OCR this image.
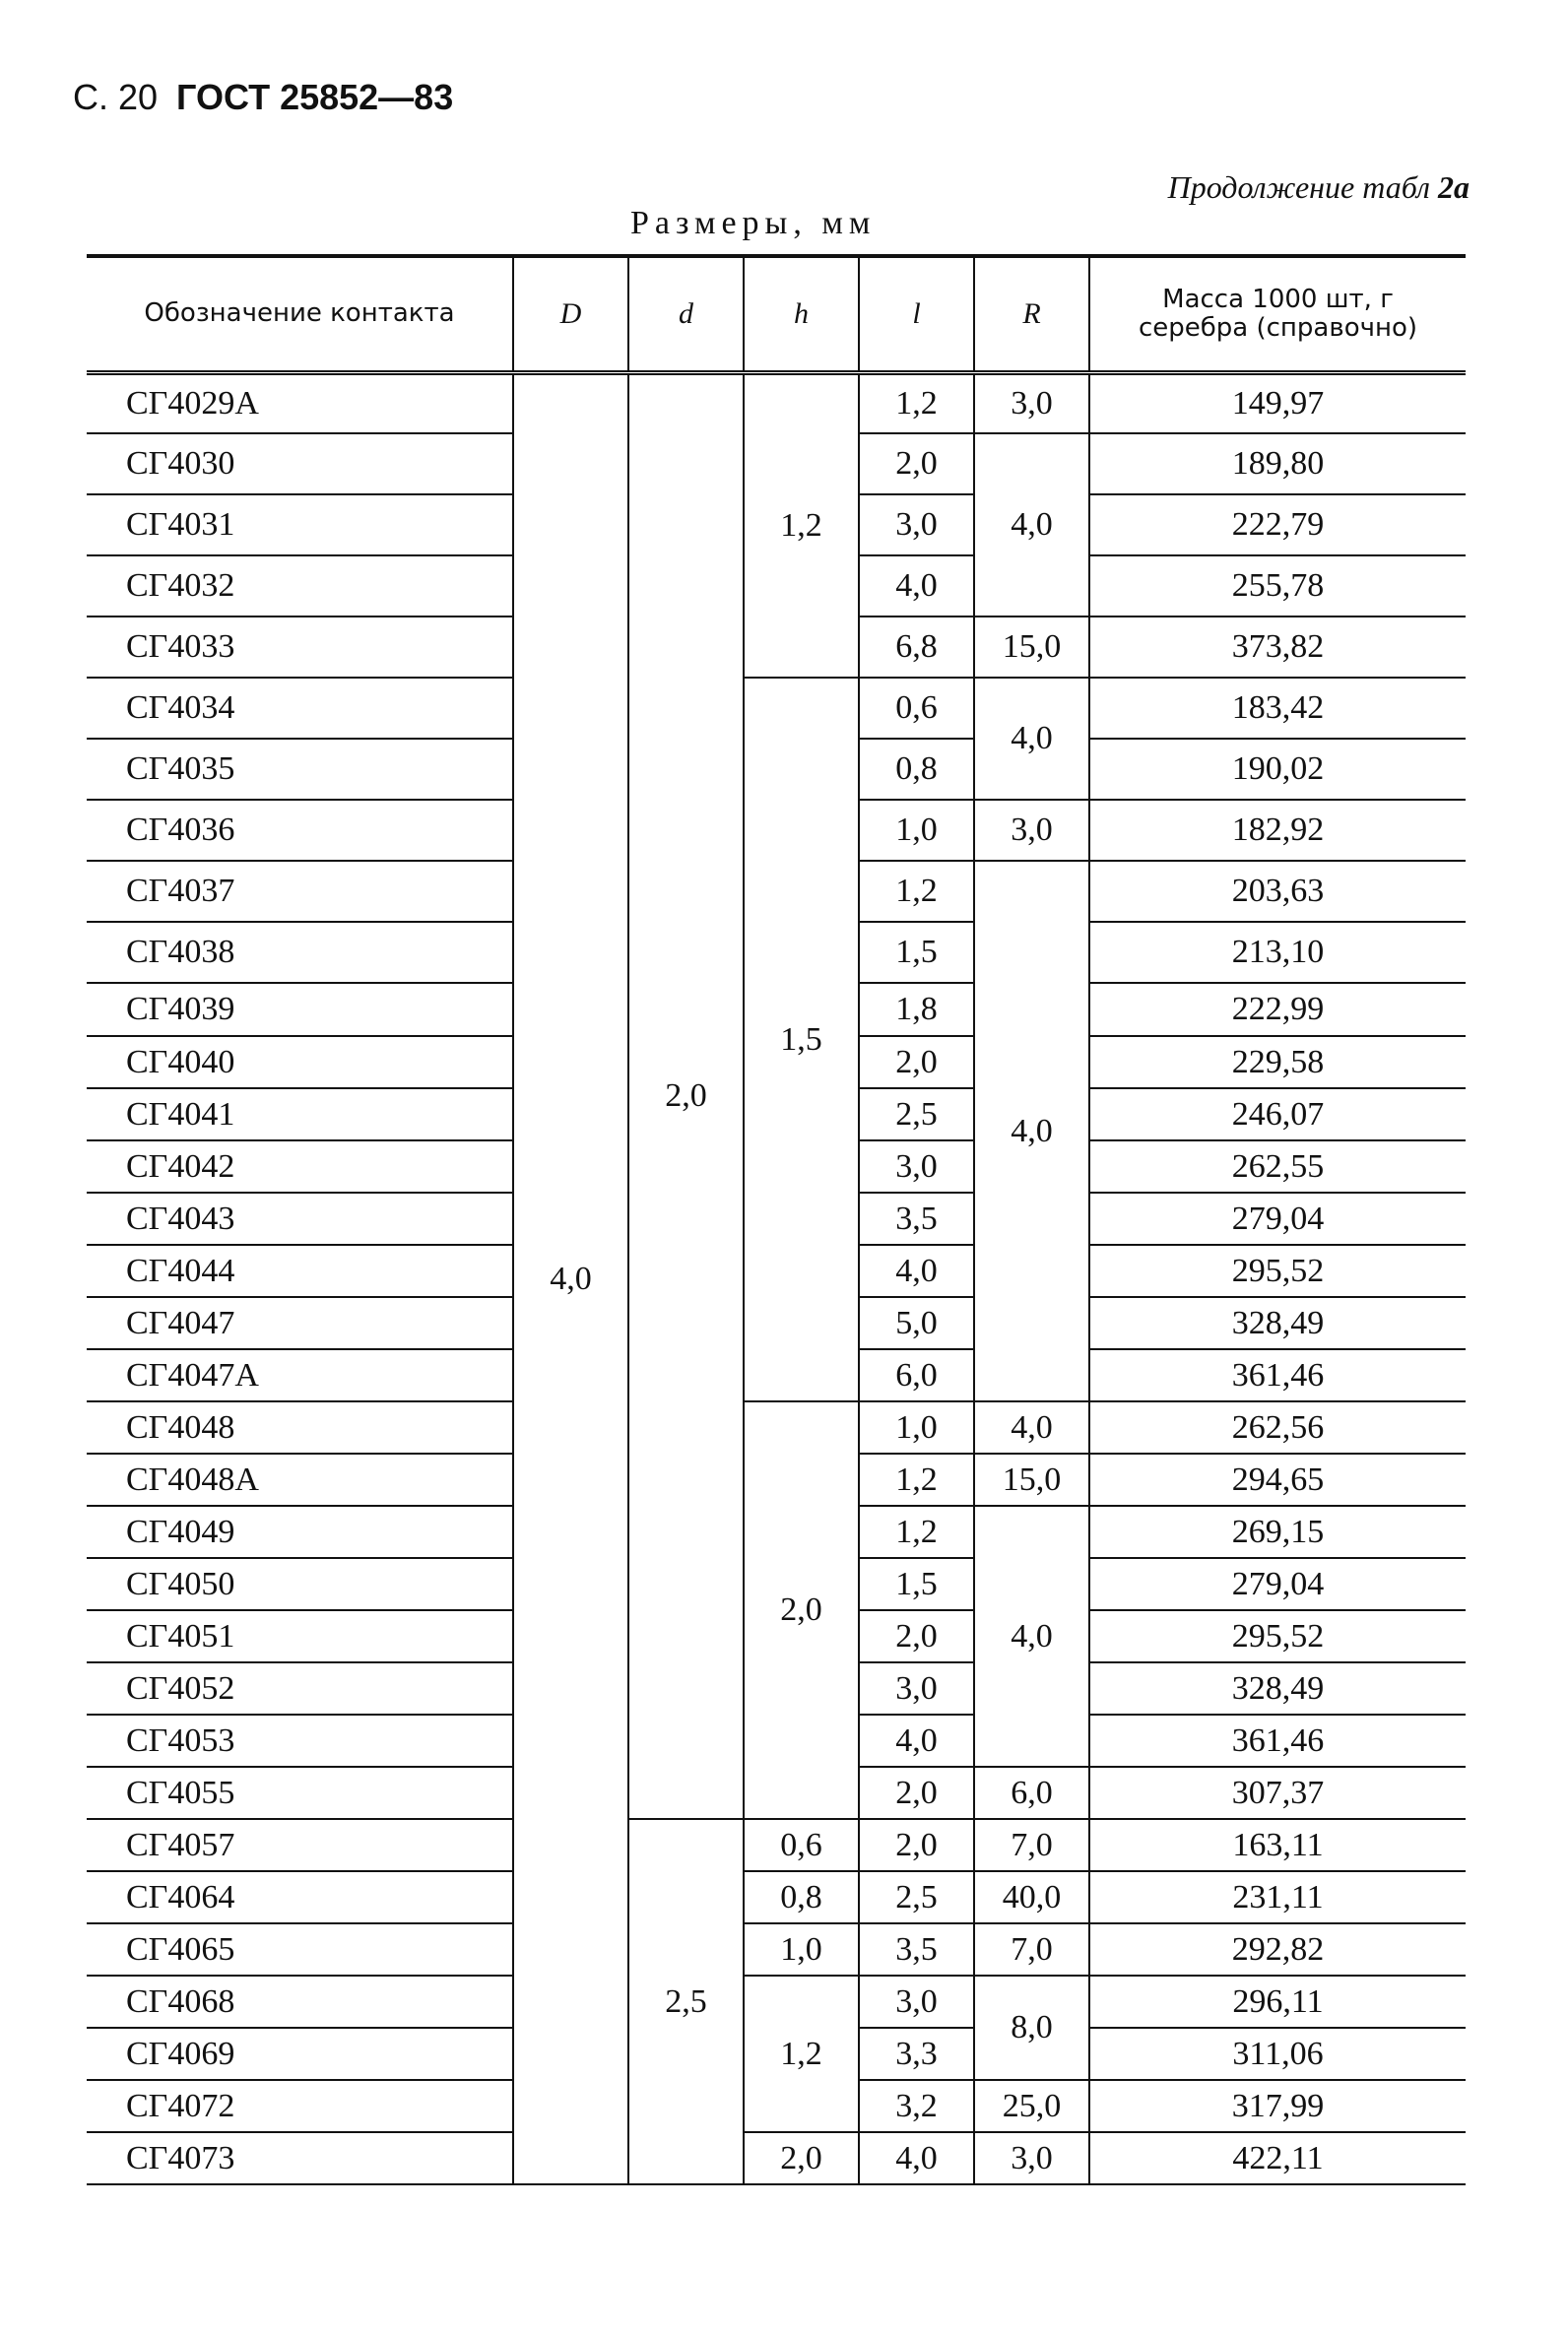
С. 20 ГОСТ 25852—83
Продолжение табл 2а
Размеры, мм
Обозначение контакта	D	d	h	l	R	Масса 1000 шт, г
серебра (справочно)

СГ4029А	4,0	2,0	1,2	1,2	3,0	149,97
СГ4030				2,0	4,0	189,80
СГ4031				3,0		222,79
СГ4032				4,0		255,78
СГ4033				6,8	15,0	373,82
СГ4034			1,5	0,6	4,0	183,42
СГ4035				0,8		190,02
СГ4036				1,0	3,0	182,92
СГ4037				1,2	4,0	203,63
СГ4038				1,5		213,10
СГ4039				1,8		222,99
СГ4040				2,0		229,58
СГ4041				2,5		246,07
СГ4042				3,0		262,55
СГ4043				3,5		279,04
СГ4044				4,0		295,52
СГ4047				5,0		328,49
СГ4047А				6,0		361,46
СГ4048			2,0	1,0	4,0	262,56
СГ4048А				1,2	15,0	294,65
СГ4049				1,2	4,0	269,15
СГ4050				1,5		279,04
СГ4051				2,0		295,52
СГ4052				3,0		328,49
СГ4053				4,0		361,46
СГ4055				2,0	6,0	307,37
СГ4057		2,5	0,6	2,0	7,0	163,11
СГ4064			0,8	2,5	40,0	231,11
СГ4065			1,0	3,5	7,0	292,82
СГ4068			1,2	3,0	8,0	296,11
СГ4069				3,3		311,06
СГ4072				3,2	25,0	317,99
СГ4073			2,0	4,0	3,0	422,11
